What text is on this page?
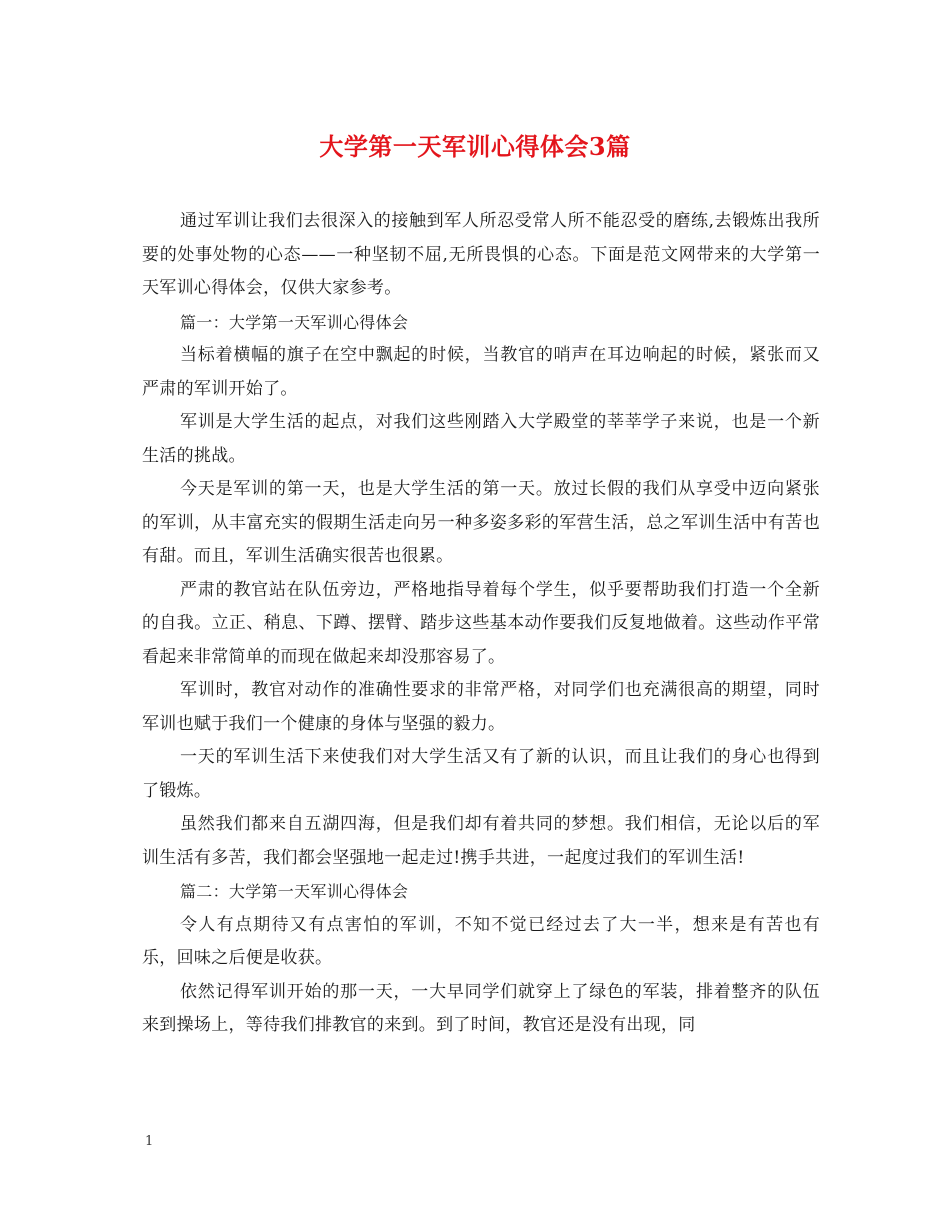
大学第一天军训心得体会3篇

通过军训让我们去很深入的接触到军人所忍受常人所不能忍受的磨练,去锻炼出我所要的处事处物的心态——一种坚韧不屈,无所畏惧的心态。下面是范文网带来的大学第一天军训心得体会，仅供大家参考。

篇一：大学第一天军训心得体会

当标着横幅的旗子在空中飘起的时候，当教官的哨声在耳边响起的时候，紧张而又严肃的军训开始了。

军训是大学生活的起点，对我们这些刚踏入大学殿堂的莘莘学子来说，也是一个新生活的挑战。

今天是军训的第一天，也是大学生活的第一天。放过长假的我们从享受中迈向紧张的军训，从丰富充实的假期生活走向另一种多姿多彩的军营生活，总之军训生活中有苦也有甜。而且，军训生活确实很苦也很累。

严肃的教官站在队伍旁边，严格地指导着每个学生，似乎要帮助我们打造一个全新的自我。立正、稍息、下蹲、摆臂、踏步这些基本动作要我们反复地做着。这些动作平常看起来非常简单的而现在做起来却没那容易了。

军训时，教官对动作的准确性要求的非常严格，对同学们也充满很高的期望，同时军训也赋于我们一个健康的身体与坚强的毅力。

一天的军训生活下来使我们对大学生活又有了新的认识，而且让我们的身心也得到了锻炼。

虽然我们都来自五湖四海，但是我们却有着共同的梦想。我们相信，无论以后的军训生活有多苦，我们都会坚强地一起走过!携手共进，一起度过我们的军训生活!

篇二：大学第一天军训心得体会

令人有点期待又有点害怕的军训，不知不觉已经过去了大一半，想来是有苦也有乐，回味之后便是收获。

依然记得军训开始的那一天，一大早同学们就穿上了绿色的军装，排着整齐的队伍来到操场上，等待我们排教官的来到。到了时间，教官还是没有出现，同

1
